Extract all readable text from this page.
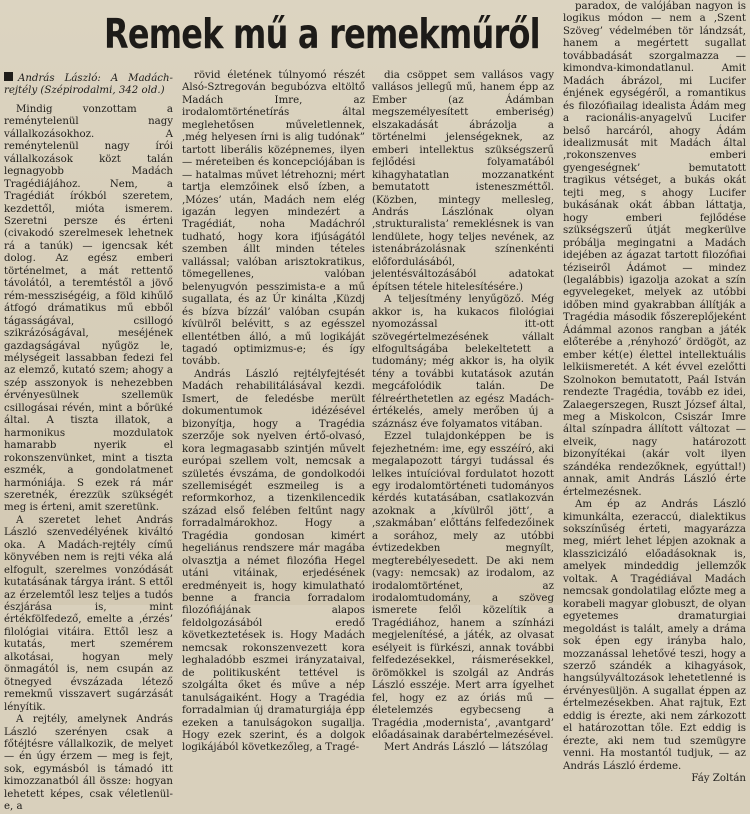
Remek mű a remekműről

András László: A Madách-rejtély (Szépirodalmi, 342 old.)

Mindig vonzottam a reménytelenül nagy vállalkozásokhoz. A reménytelenül nagy írói vállalkozások közt talán legnagyobb Madách Tragédiájához. Nem, a Tragédiát írókból szeretem, kezdettől, mióta ismerem. Szeretni persze és érteni (civakodó szerelmesek lehetnek rá a tanúk) — igencsak két dolog. Az egész emberi történelmet, a mát rettentő távolától, a teremtéstől a jövő rém-messziségéig, a föld kihűlő átfogó drámatikus mű ebből tágasságával, csillogó szikrázóságával, meséjének gazdagságával nyűgöz le, mélységeit lassabban fedezi fel az elemző, kutató szem; ahogy a szép asszonyok is nehezebben érvényesülnek szellemük csillogásai révén, mint a bőrüké által. A tiszta illatok, a harmonikus mozdulatok hamarabb nyerik el rokonszenvünket, mint a tiszta eszmék, a gondolatmenet harmóniája. S ezek rá már szeretnék, érezzük szükségét meg is érteni, amit szeretünk.

A szeretet lehet András László szenvedélyének kiváltó oka. A Madách-rejtély című könyvében nem is rejti véka alá elfogult, szerelmes vonzódását kutatásának tárgya iránt. S ettől az érzelemtől lesz teljes a tudós észjárása is, mint értékfölfedező, emelte a ‚érzés’ filológiai vitáira. Ettől lesz a kutatás, mert szemérem alkotásai, hogyan mely önmagától is, nem csupán az ötnegyed évszázada létező remekmű visszavert sugárzását lényítik.

A rejtély, amelynek András László szerényen csak a főtéjtésre vállalkozik, de melyet — én úgy érzem — meg is fejt, sok, egymásból is támadó itt kimozzanatból áll össze: hogyan lehetett képes, csak véletlenül-e, a

rövid életének túlnyomó részét Alsó-Sztregován begubózva eltöltő Madách Imre, az irodalomtörténetírás által meglehetősen műveletlennek, ,még helyesen írni is alig tudónak” tartott liberális középnemes, ilyen — méreteiben és koncepciójában is — hatalmas művet létrehozni; mért tartja elemzőinek első ízben, a ‚Mózes’ után, Madách nem elég igazán legyen mindezért a Tragédiát, noha Madáchról tudható, hogy kora ifjúságától szemben állt minden tételes vallással; valóban arisztokratikus, tömegellenes, valóban belenyugvón pesszimista-e a mű sugallata, és az Úr kinálta ‚Küzdj és bízva bízzál’ valóban csupán kívülről belévitt, s az egésszel ellentétben álló, a mű logikáját tagadó optimizmus-e; és így tovább.

András László rejtélyfejtését Madách rehabilitálásával kezdi. Ismert, de feledésbe merült dokumentumok idézésével bizonyítja, hogy a Tragédia szerzője sok nyelven értő-olvasó, kora legmagasabb szintjén művelt európai szellem volt, nemcsak a születés évszáma, de gondolkodói szellemiségét eszmeileg is a reformkorhoz, a tizenkilencedik század első felében feltűnt nagy forradalmárokhoz. Hogy a Tragédia gondosan kimért hegeliánus rendszere már magába olvasztja a német filozófia Hegel utáni vitáinak, erjedésének eredményeit is, hogy kimulatható benne a francia forradalom filozófiájának alapos feldolgozásából eredő következtetések is. Hogy Madách nemcsak rokonszenvezett kora leghaladóbb eszmei irányzataival, de politikusként tettével is szolgálta őket és műve a nép tanulságaiként. Hogy a Tragédia forradalmian új dramaturgiája épp ezeken a tanulságokon sugallja. Hogy ezek szerint, és a dolgok logikájából következőleg, a Tragé-

dia csöppet sem vallásos vagy vallásos jellegű mű, hanem épp az Ember (az Ádámban megszemélyesített emberiség) elszakadását ábrázolja a történelmi jelenségeknek, az emberi intellektus szükségszerű fejlődési folyamatából kihagyhatatlan mozzanatként bemutatott isteneszméttől. (Közben, mintegy mellesleg, András Lászlónak olyan ‚strukturalista’ remeklésnek is van lendülete, hogy teljes nevének, az istenábrázolásnak színenkénti előfordulásából, jelentésváltozásából adatokat építsen tétele hitelesítésére.)

A teljesítmény lenyűgöző. Még akkor is, ha kukacos filológiai nyomozással itt-ott szövegértelmezésének vállalt elfogultságába belekeltetett a tudomány; még akkor is, ha olyik tény a további kutatások azután megcáfolódik talán. De félreérthetetlen az egész Madách-értékelés, amely merőben új a száznász éve folyamatos vitában.

Ezzel tulajdonképpen be is fejezhetném: ime, egy esszéíró, aki megalapozott tárgyi tudással és lelkes intuícióval fordulatot hozott egy irodalomtörténeti tudományos kérdés kutatásában, csatlakozván azoknak a ‚kívülről jött’, a ‚szakmában’ előttáns felfedezőinek a sorához, mely az utóbbi évtizedekben megnyílt, megterebélyesedett. De aki nem (vagy: nemcsak) az irodalom, az irodalomtörténet, az irodalomtudomány, a szöveg ismerete felől közelítik a Tragédiához, hanem a színházi megjelenítésé, a játék, az olvasat esélyeit is fürkészi, annak további felfedezésekkel, ráismerésekkel, örömökkel is szolgál az András László esszéje. Mert arra ígyelhet fel, hogy ez az óriás mű — életelemzés egybecseng a Tragédia ‚modernista’, ‚avantgard’ előadásainak darabértelmezésével.

Mert András László — látszólag

paradox, de valójában nagyon is logikus módon — nem a ‚Szent Szöveg’ védelmében tör lándzsát, hanem a megértett sugallat továbbadását szorgalmazza — kimondva-kimondatlanul. Amit Madách ábrázol, mi Lucifer énjének egységéről, a romantikus és filozófiailag idealista Ádám meg a racionális-anyagelvű Lucifer belső harcáról, ahogy Ádám idealizmusát mit Madách által ,rokonszenves emberi gyengeségnek’ bemutatott tragikus vétséget, a bukás okát tejti meg, s ahogy Lucifer bukásának okát ábban láttatja, hogy emberi fejlődése szükségszerű útját megkerülve próbálja megingatni a Madách idejében az ágazat tartott filozófiai téziseiről Ádámot — mindez (legalábbis) igazolja azokat a szín egyvelegeket, melyek az utóbbi időben mind gyakrabban állítják a Tragédia második főszereplőjeként Ádámmal azonos rangban a játék előterébe a ‚rényhozó’ ördögöt, az ember két(e) élettel intellektuális lelkiismeretét. A két évvel ezelőtti Szolnokon bemutatott, Paál István rendezte Tragédia, tovább ez idei, Zalaegerszegen, Ruszt József által, meg a Miskolcon, Csiszár Imre által színpadra állított változat — elveik, nagy határozott bizonyítékai (akár volt ilyen szándéka rendezőknek, egyúttal!) annak, amit András László érte értelmezésnek.

Am ép az András László kimunkálta, ezeraccú, dialektikus sokszínűség érteti, magyarázza meg, miért lehet lépjen azoknak a klasszicizáló előadásoknak is, amelyek mindeddig jellemzők voltak. A Tragédiával Madách nemcsak gondolatilag előzte meg a korabeli magyar globuszt, de olyan egyetemes dramaturgiai megoldást is talált, amely a dráma sok épen egy irányba halo, mozzanással lehetővé teszi, hogy a szerző szándék a kihagyások, hangsúlyváltozások lehetetlenné is érvényesüljön. A sugallat éppen az értelmezésekben. Ahat rajtuk, Ezt eddig is érezte, aki nem zárkozott el határozottan tőle. Ezt eddig is érezte, aki nem tud szemügyre venni. Ha mostantól tudjuk, — az András László érdeme.

Fáy Zoltán
